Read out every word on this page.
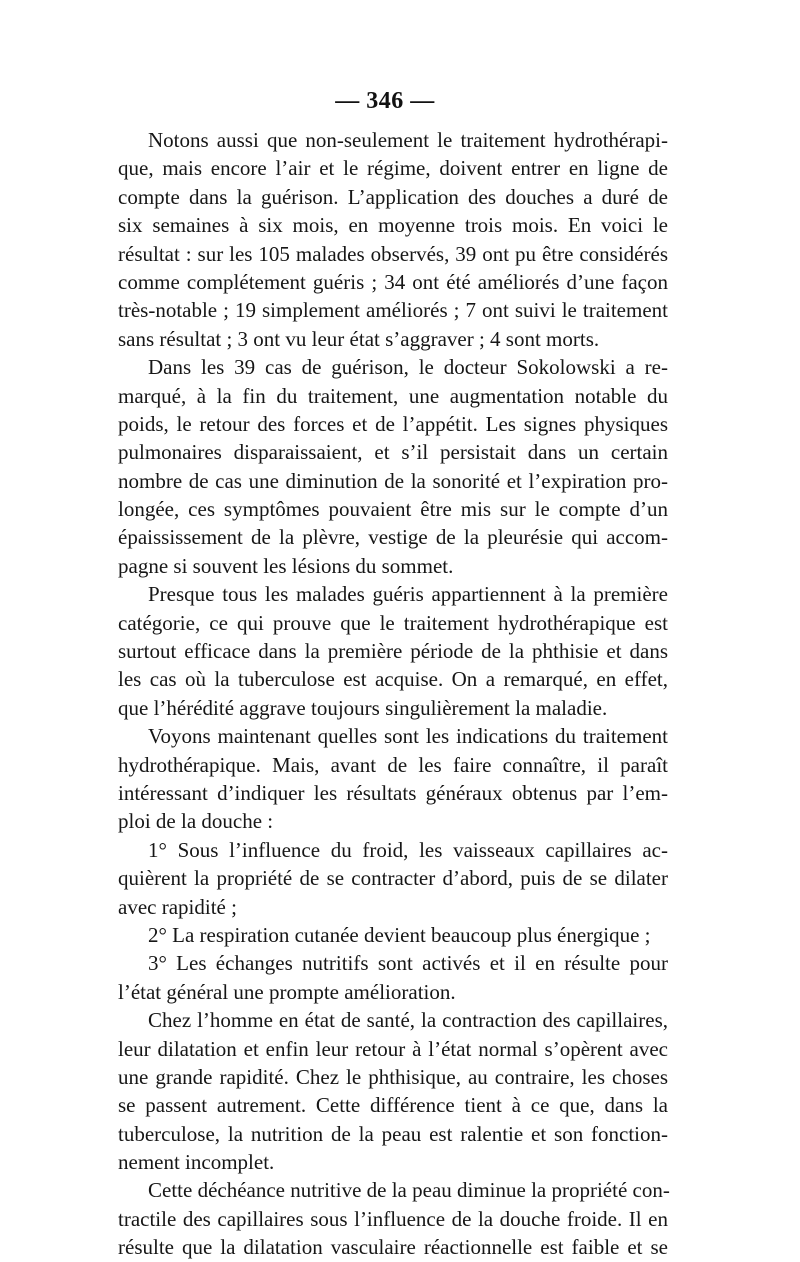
— 346 —
Notons aussi que non-seulement le traitement hydrothérapi-
que, mais encore l’air et le régime, doivent entrer en ligne de
compte dans la guérison. L’application des douches a duré de
six semaines à six mois, en moyenne trois mois. En voici le
résultat : sur les 105 malades observés, 39 ont pu être considérés
comme complétement guéris ; 34 ont été améliorés d’une façon
très-notable ; 19 simplement améliorés ; 7 ont suivi le traitement
sans résultat ; 3 ont vu leur état s’aggraver ; 4 sont morts.
Dans les 39 cas de guérison, le docteur Sokolowski a re-
marqué, à la fin du traitement, une augmentation notable du
poids, le retour des forces et de l’appétit. Les signes physiques
pulmonaires disparaissaient, et s’il persistait dans un certain
nombre de cas une diminution de la sonorité et l’expiration pro-
longée, ces symptômes pouvaient être mis sur le compte d’un
épaississement de la plèvre, vestige de la pleurésie qui accom-
pagne si souvent les lésions du sommet.
Presque tous les malades guéris appartiennent à la première
catégorie, ce qui prouve que le traitement hydrothérapique est
surtout efficace dans la première période de la phthisie et dans
les cas où la tuberculose est acquise. On a remarqué, en effet,
que l’hérédité aggrave toujours singulièrement la maladie.
Voyons maintenant quelles sont les indications du traitement
hydrothérapique. Mais, avant de les faire connaître, il paraît
intéressant d’indiquer les résultats généraux obtenus par l’em-
ploi de la douche :
1° Sous l’influence du froid, les vaisseaux capillaires ac-
quièrent la propriété de se contracter d’abord, puis de se dilater
avec rapidité ;
2° La respiration cutanée devient beaucoup plus énergique ;
3° Les échanges nutritifs sont activés et il en résulte pour
l’état général une prompte amélioration.
Chez l’homme en état de santé, la contraction des capillaires,
leur dilatation et enfin leur retour à l’état normal s’opèrent avec
une grande rapidité. Chez le phthisique, au contraire, les choses
se passent autrement. Cette différence tient à ce que, dans la
tuberculose, la nutrition de la peau est ralentie et son fonction-
nement incomplet.
Cette déchéance nutritive de la peau diminue la propriété con-
tractile des capillaires sous l’influence de la douche froide. Il en
résulte que la dilatation vasculaire réactionnelle est faible et se
